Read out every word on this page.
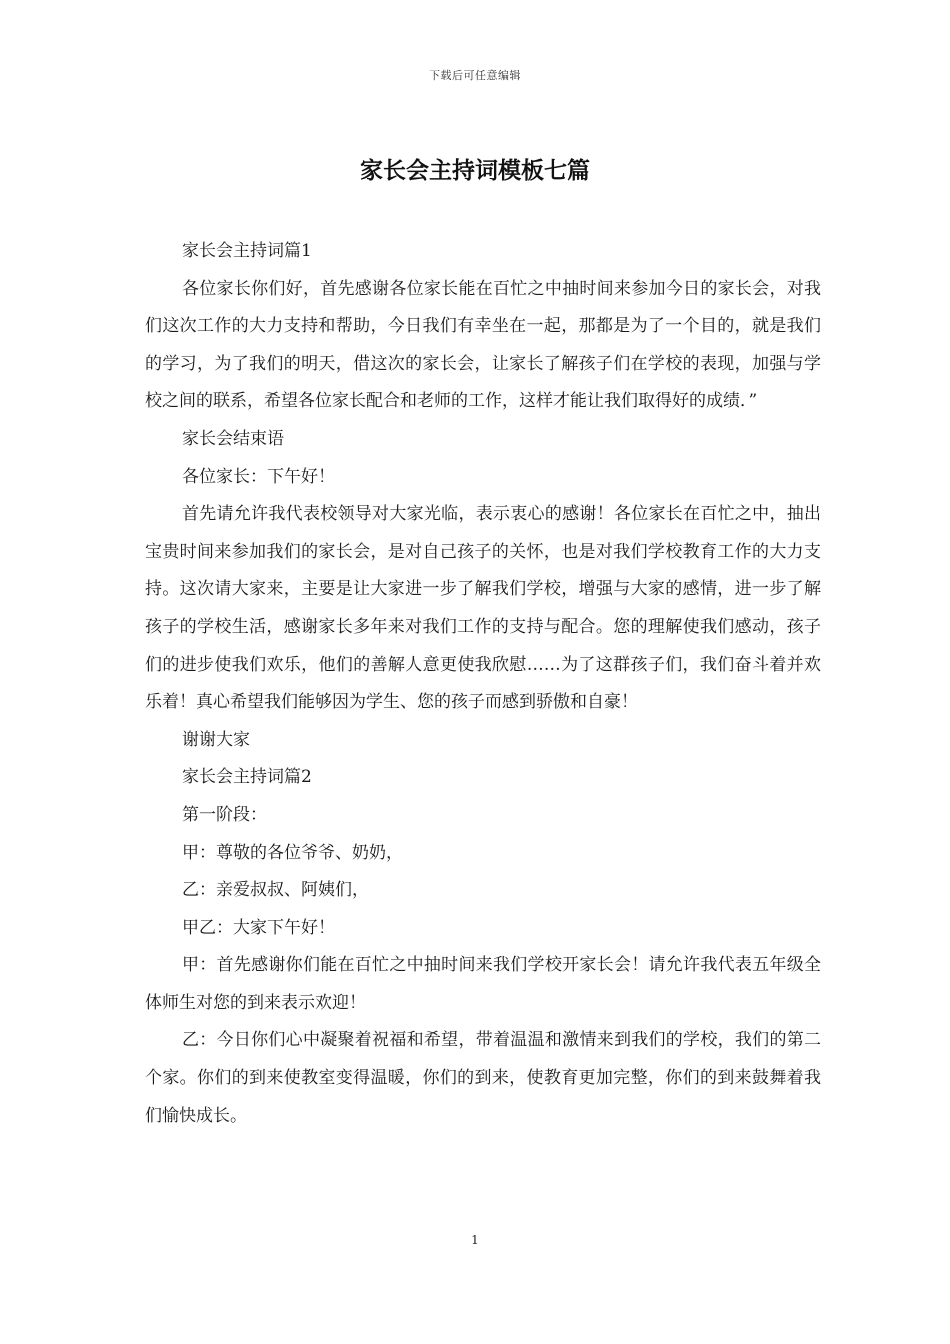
下载后可任意编辑
家长会主持词模板七篇

家长会主持词篇1

各位家长你们好，首先感谢各位家长能在百忙之中抽时间来参加今日的家长会，对我们这次工作的大力支持和帮助，今日我们有幸坐在一起，那都是为了一个目的，就是我们的学习，为了我们的明天，借这次的家长会，让家长了解孩子们在学校的表现，加强与学校之间的联系，希望各位家长配合和老师的工作，这样才能让我们取得好的成绩．”

家长会结束语

各位家长：下午好！

首先请允许我代表校领导对大家光临，表示衷心的感谢！各位家长在百忙之中，抽出宝贵时间来参加我们的家长会，是对自己孩子的关怀，也是对我们学校教育工作的大力支持。这次请大家来，主要是让大家进一步了解我们学校，增强与大家的感情，进一步了解孩子的学校生活，感谢家长多年来对我们工作的支持与配合。您的理解使我们感动，孩子们的进步使我们欢乐，他们的善解人意更使我欣慰……为了这群孩子们，我们奋斗着并欢乐着！真心希望我们能够因为学生、您的孩子而感到骄傲和自豪！

谢谢大家

家长会主持词篇2

第一阶段：

甲：尊敬的各位爷爷、奶奶，

乙：亲爱叔叔、阿姨们，

甲乙：大家下午好！

甲：首先感谢你们能在百忙之中抽时间来我们学校开家长会！请允许我代表五年级全体师生对您的到来表示欢迎！

乙：今日你们心中凝聚着祝福和希望，带着温温和激情来到我们的学校，我们的第二个家。你们的到来使教室变得温暖，你们的到来，使教育更加完整，你们的到来鼓舞着我们愉快成长。

1
